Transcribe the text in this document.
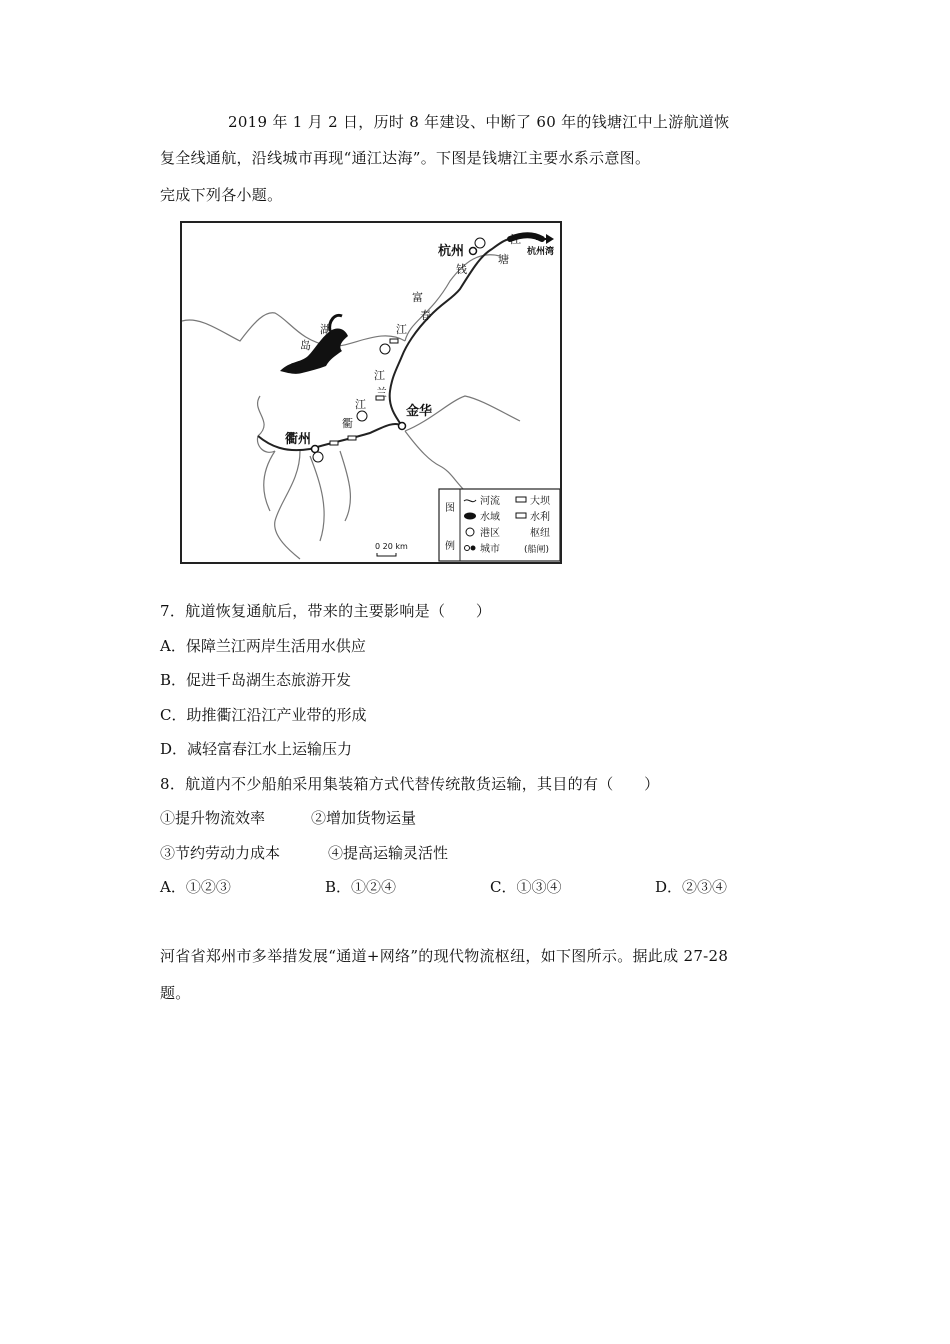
2019 年 1 月 2 日，历时 8 年建设、中断了 60 年的钱塘江中上游航道恢
复全线通航，沿线城市再现“通江达海”。下图是钱塘江主要水系示意图。
完成下列各小题。
钱
塘
江
富
春
江
兰
江
衢
江
千
岛
湖
杭州
金华
衢州
杭州湾
0 20 km
图
例
河流
水域
港区
城市
大坝
水利
枢纽
(船闸)
7．航道恢复通航后，带来的主要影响是（　　）
A．保障兰江两岸生活用水供应
B．促进千岛湖生态旅游开发
C．助推衢江沿江产业带的形成
D．减轻富春江水上运输压力
8．航道内不少船舶采用集装箱方式代替传统散货运输，其目的有（　　）
①提升物流效率	②增加货物运量
③节约劳动力成本	④提高运输灵活性
A．①②③	B．①②④	C．①③④	D．②③④
河省省郑州市多举措发展“通道+网络”的现代物流枢纽，如下图所示。据此成 27-28
题。
